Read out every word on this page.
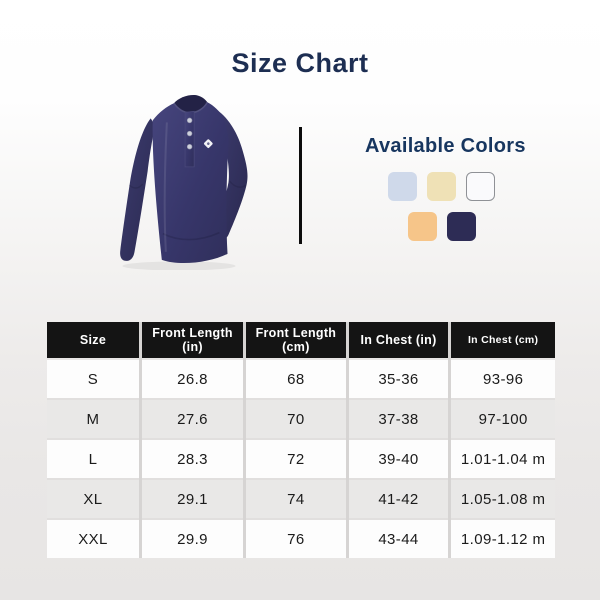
Size Chart
Available Colors
Size	Front Length (in)	Front Length (cm)	In Chest (in)	In Chest (cm)
S	26.8	68	35-36	93-96
M	27.6	70	37-38	97-100
L	28.3	72	39-40	1.01-1.04 m
XL	29.1	74	41-42	1.05-1.08 m
XXL	29.9	76	43-44	1.09-1.12 m
